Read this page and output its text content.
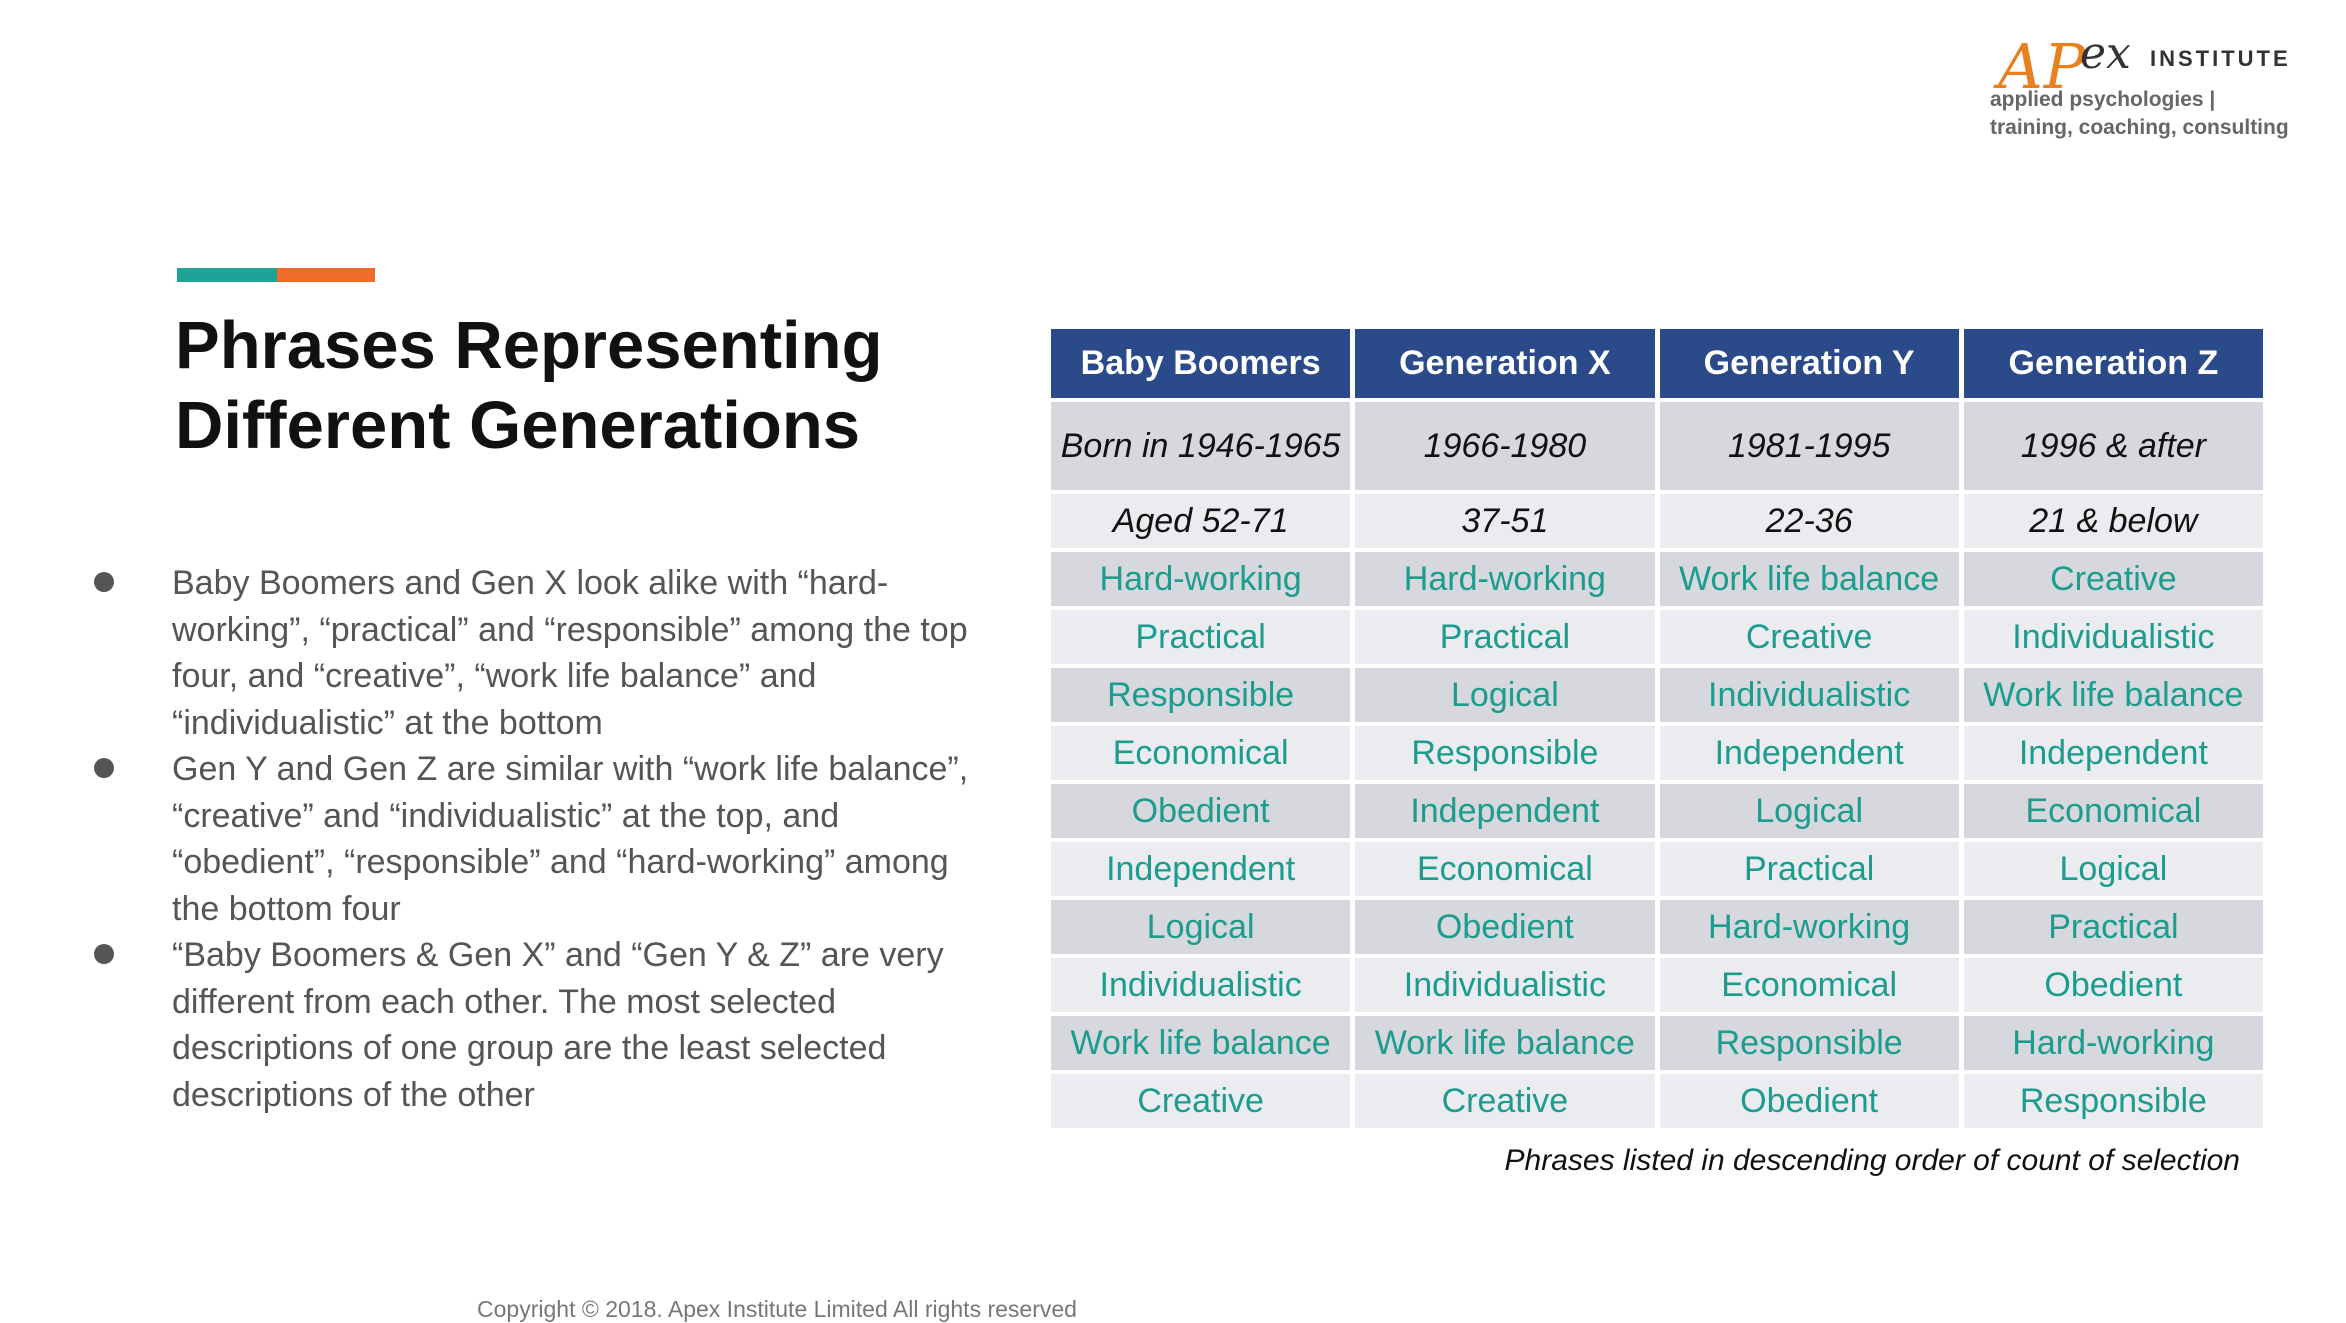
AP
ex INSTITUTE
applied psychologies |
training, coaching, consulting
Phrases Representing
Different Generations
Baby Boomers and Gen X look alike with “hard-working”, “practical” and “responsible” among the top four, and “creative”, “work life balance” and “individualistic” at the bottom
Gen Y and Gen Z are similar with “work life balance”, “creative” and “individualistic” at the top, and “obedient”, “responsible” and “hard-working” among the bottom four
“Baby Boomers & Gen X” and “Gen Y & Z” are very different from each other. The most selected descriptions of one group are the least selected descriptions of the other
Baby Boomers	Generation X	Generation Y	Generation Z
Born in 1946-1965	1966-1980	1981-1995	1996 & after
Aged 52-71	37-51	22-36	21 & below
Hard-working	Hard-working	Work life balance	Creative
Practical	Practical	Creative	Individualistic
Responsible	Logical	Individualistic	Work life balance
Economical	Responsible	Independent	Independent
Obedient	Independent	Logical	Economical
Independent	Economical	Practical	Logical
Logical	Obedient	Hard-working	Practical
Individualistic	Individualistic	Economical	Obedient
Work life balance	Work life balance	Responsible	Hard-working
Creative	Creative	Obedient	Responsible
Phrases listed in descending order of count of selection
Copyright © 2018. Apex Institute Limited All rights reserved
